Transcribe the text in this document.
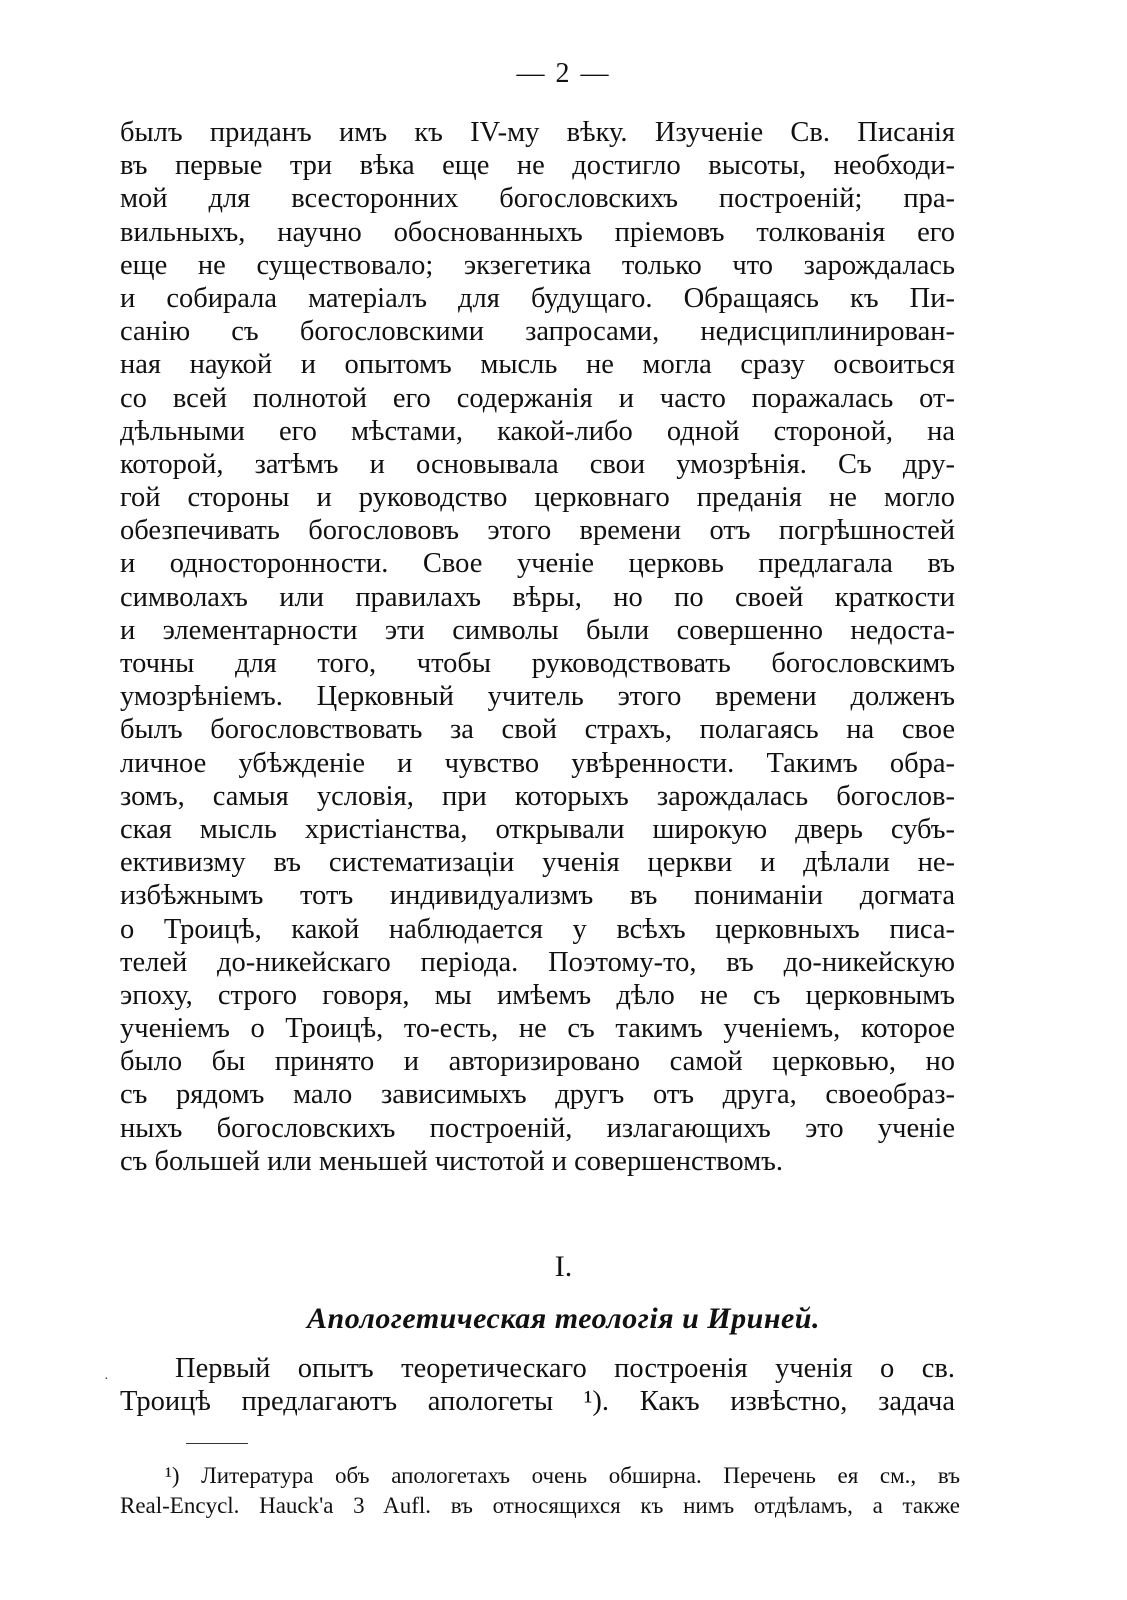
— 2 —
былъ приданъ имъ къ IV-му вѣку. Изученіе Св. Писанія
въ первые три вѣка еще не достигло высоты, необходи-
мой для всесторонних богословскихъ построеній; пра-
вильныхъ, научно обоснованныхъ пріемовъ толкованія его
еще не существовало; экзегетика только что зарождалась
и собирала матеріалъ для будущаго. Обращаясь къ Пи-
санію съ богословскими запросами, недисциплинирован-
ная наукой и опытомъ мысль не могла сразу освоиться
со всей полнотой его содержанія и часто поражалась от-
дѣльными его мѣстами, какой-либо одной стороной, на
которой, затѣмъ и основывала свои умозрѣнія. Съ дру-
гой стороны и руководство церковнаго преданія не могло
обезпечивать богослововъ этого времени отъ погрѣшностей
и односторонности. Свое ученіе церковь предлагала въ
символахъ или правилахъ вѣры, но по своей краткости
и элементарности эти символы были совершенно недоста-
точны для того, чтобы руководствовать богословскимъ
умозрѣніемъ. Церковный учитель этого времени долженъ
былъ богословствовать за свой страхъ, полагаясь на свое
личное убѣжденіе и чувство увѣренности. Такимъ обра-
зомъ, самыя условія, при которыхъ зарождалась богослов-
ская мысль христіанства, открывали широкую дверь субъ-
ективизму въ систематизаціи ученія церкви и дѣлали не-
избѣжнымъ тотъ индивидуализмъ въ пониманіи догмата
о Троицѣ, какой наблюдается у всѣхъ церковныхъ писа-
телей до-никейскаго періода. Поэтому-то, въ до-никейскую
эпоху, строго говоря, мы имѣемъ дѣло не съ церковнымъ
ученіемъ о Троицѣ, то-есть, не съ такимъ ученіемъ, которое
было бы принято и авторизировано самой церковью, но
съ рядомъ мало зависимыхъ другъ отъ друга, своеобраз-
ныхъ богословскихъ построеній, излагающихъ это ученіе
съ большей или меньшей чистотой и совершенствомъ.
I.
Апологетическая теологія и Ириней.
·	Первый опытъ теоретическаго построенія ученія о св.
Троицѣ предлагаютъ апологеты ¹). Какъ извѣстно, задача
¹) Литература объ апологетахъ очень обширна. Перечень ея см., въ
Real-Encycl. Hauck'a 3 Aufl. въ относящихся къ нимъ отдѣламъ, а также
